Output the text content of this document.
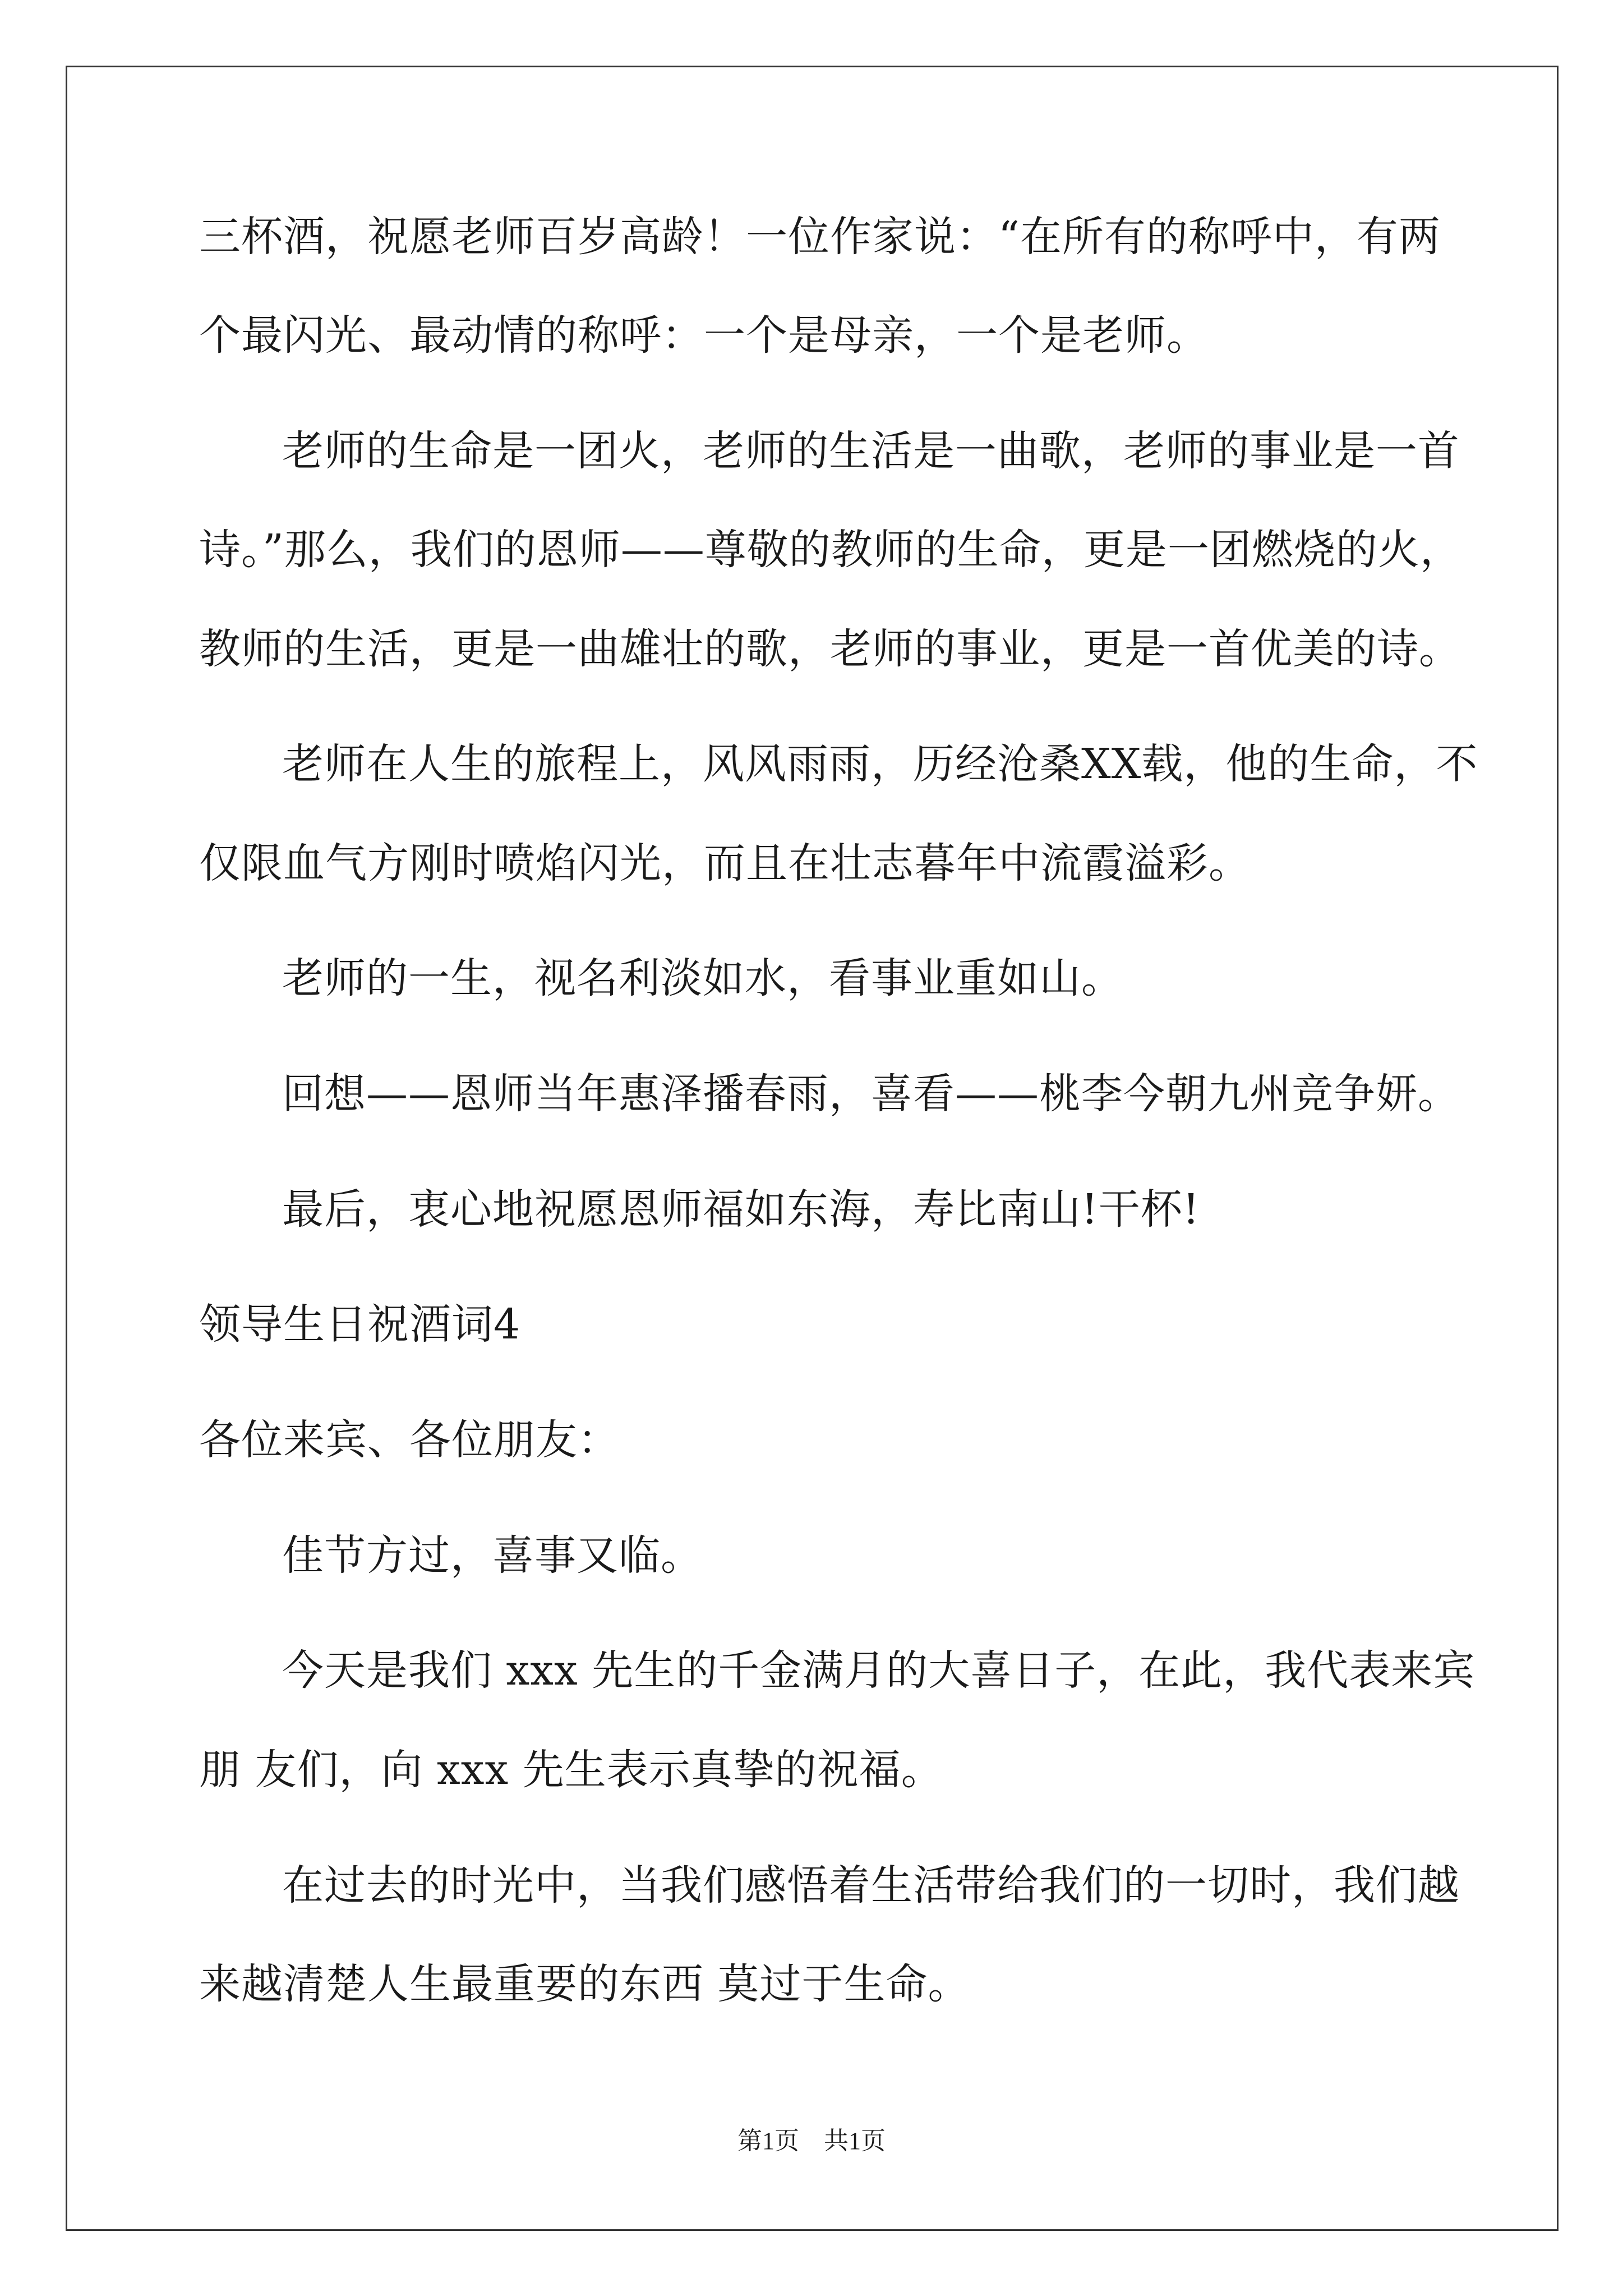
三杯酒，祝愿老师百岁高龄！一位作家说：“在所有的称呼中，有两
个最闪光、最动情的称呼：一个是母亲，一个是老师。
老师的生命是一团火，老师的生活是一曲歌，老师的事业是一首
诗。”那么，我们的恩师——尊敬的教师的生命，更是一团燃烧的火，
教师的生活，更是一曲雄壮的歌，老师的事业，更是一首优美的诗。
老师在人生的旅程上，风风雨雨，历经沧桑XX载，他的生命，不
仅限血气方刚时喷焰闪光，而且在壮志暮年中流霞溢彩。
老师的一生，视名利淡如水，看事业重如山。
回想——恩师当年惠泽播春雨，喜看——桃李今朝九州竞争妍。
最后，衷心地祝愿恩师福如东海，寿比南山!干杯!
领导生日祝酒词4
各位来宾、各位朋友：
佳节方过，喜事又临。
今天是我们 xxx 先生的千金满月的大喜日子，在此，我代表来宾
朋 友们，向 xxx 先生表示真挚的祝福。
在过去的时光中，当我们感悟着生活带给我们的一切时，我们越
来越清楚人生最重要的东西 莫过于生命。
第1页　共1页
